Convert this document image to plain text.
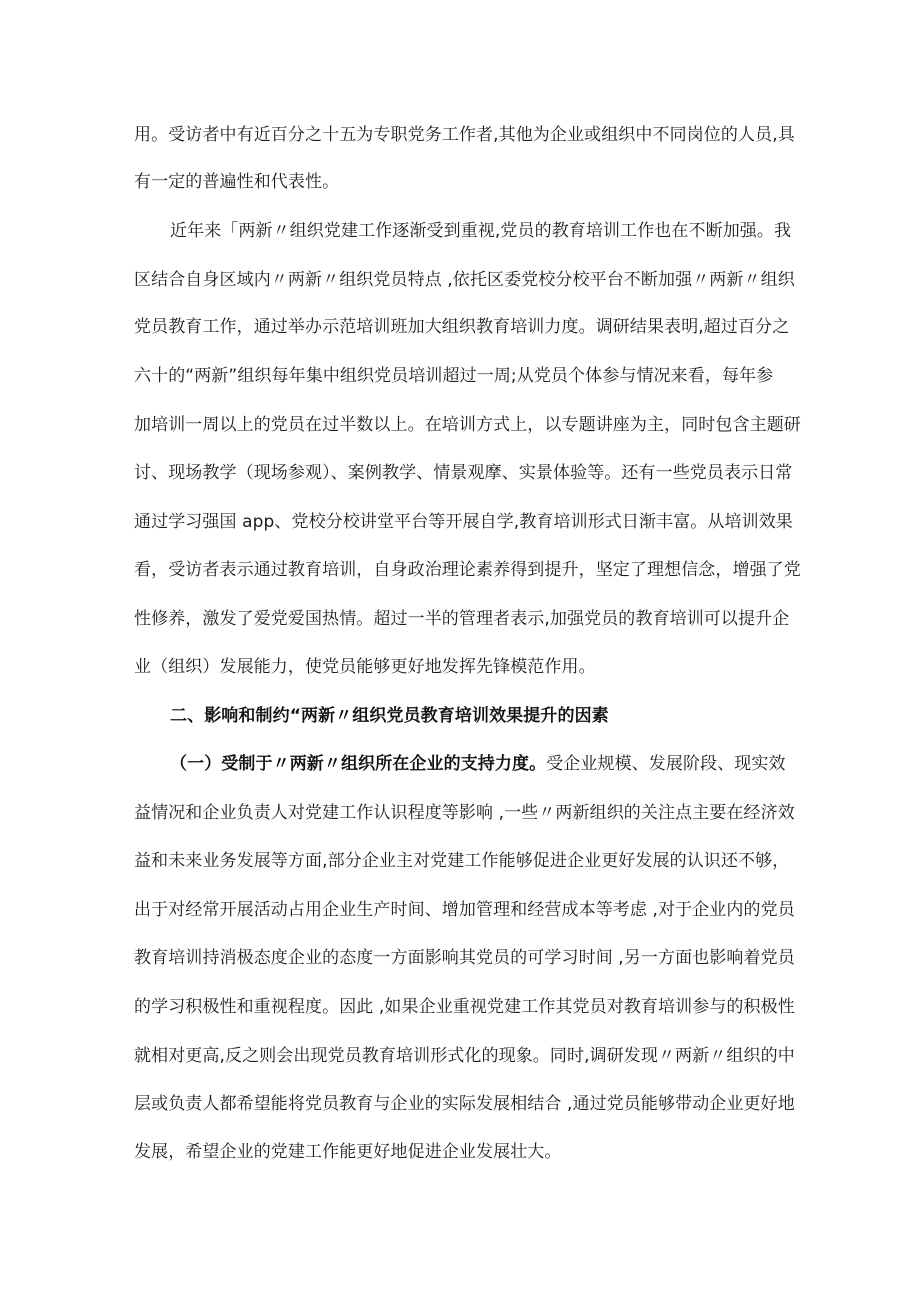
用。受访者中有近百分之十五为专职党务工作者,其他为企业或组织中不同岗位的人员,具

有一定的普遍性和代表性。

近年来「两新〃组织党建工作逐渐受到重视,党员的教育培训工作也在不断加强。我

区结合自身区域内〃两新〃组织党员特点 ,依托区委党校分校平台不断加强〃两新〃组织

党员教育工作，通过举办示范培训班加大组织教育培训力度。调研结果表明,超过百分之

六十的“两新”组织每年集中组织党员培训超过一周;从党员个体参与情况来看，每年参

加培训一周以上的党员在过半数以上。在培训方式上，以专题讲座为主，同时包含主题研

讨、现场教学（现场参观）、案例教学、情景观摩、实景体验等。还有一些党员表示日常

通过学习强国 app、党校分校讲堂平台等开展自学,教育培训形式日渐丰富。从培训效果

看，受访者表示通过教育培训，自身政治理论素养得到提升，坚定了理想信念，增强了党

性修养，激发了爱党爱国热情。超过一半的管理者表示,加强党员的教育培训可以提升企

业（组织）发展能力，使党员能够更好地发挥先锋模范作用。

二、影响和制约“两新〃组织党员教育培训效果提升的因素

（一）受制于〃两新〃组织所在企业的支持力度。受企业规模、发展阶段、现实效

益情况和企业负责人对党建工作认识程度等影响 ,一些〃两新组织的关注点主要在经济效

益和未来业务发展等方面,部分企业主对党建工作能够促进企业更好发展的认识还不够，

出于对经常开展活动占用企业生产时间、增加管理和经营成本等考虑 ,对于企业内的党员

教育培训持消极态度企业的态度一方面影响其党员的可学习时间 ,另一方面也影响着党员

的学习积极性和重视程度。因此 ,如果企业重视党建工作其党员对教育培训参与的积极性

就相对更高,反之则会出现党员教育培训形式化的现象。同时,调研发现〃两新〃组织的中

层或负责人都希望能将党员教育与企业的实际发展相结合 ,通过党员能够带动企业更好地

发展，希望企业的党建工作能更好地促进企业发展壮大。
